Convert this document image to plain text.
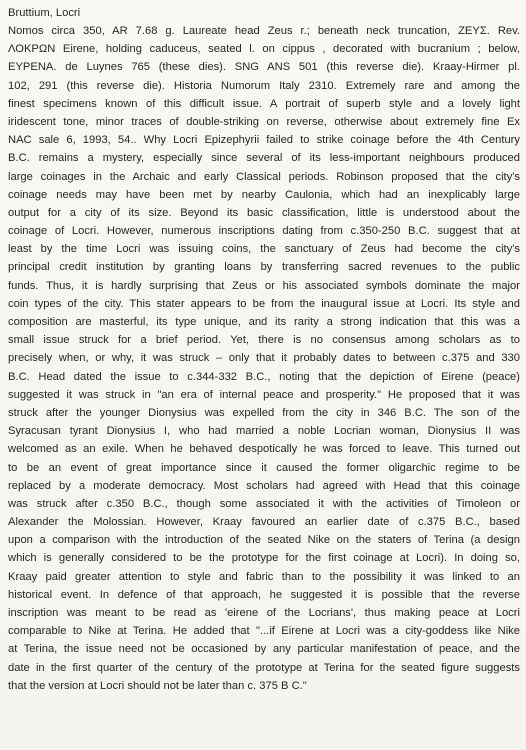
Bruttium, Locri
Nomos circa 350, AR 7.68 g. Laureate head Zeus r.; beneath neck truncation, ΖΕΥΣ. Rev.
ΛΟΚΡΩΝ Eirene, holding caduceus, seated l. on cippus , decorated with bucranium ; below,
ΕΥΡΕΝΑ. de Luynes 765 (these dies). SNG ANS 501 (this reverse die). Kraay-Hirmer pl.
102, 291 (this reverse die). Historia Numorum Italy 2310. Extremely rare and among the
finest specimens known of this difficult issue. A portrait of superb style and a lovely light
iridescent tone, minor traces of double-striking on reverse, otherwise about extremely fine Ex
NAC sale 6, 1993, 54.. Why Locri Epizephyrii failed to strike coinage before the 4th Century
B.C. remains a mystery, especially since several of its less-important neighbours produced
large coinages in the Archaic and early Classical periods. Robinson proposed that the city's
coinage needs may have been met by nearby Caulonia, which had an inexplicably large
output for a city of its size. Beyond its basic classification, little is understood about the
coinage of Locri. However, numerous inscriptions dating from c.350-250 B.C. suggest that at
least by the time Locri was issuing coins, the sanctuary of Zeus had become the city's
principal credit institution by granting loans by transferring sacred revenues to the public
funds. Thus, it is hardly surprising that Zeus or his associated symbols dominate the major
coin types of the city. This stater appears to be from the inaugural issue at Locri. Its style and
composition are masterful, its type unique, and its rarity a strong indication that this was a
small issue struck for a brief period. Yet, there is no consensus among scholars as to
precisely when, or why, it was struck – only that it probably dates to between c.375 and 330
B.C. Head dated the issue to c.344-332 B.C., noting that the depiction of Eirene (peace)
suggested it was struck in "an era of internal peace and prosperity." He proposed that it was
struck after the younger Dionysius was expelled from the city in 346 B.C. The son of the
Syracusan tyrant Dionysius I, who had married a noble Locrian woman, Dionysius II was
welcomed as an exile. When he behaved despotically he was forced to leave. This turned out
to be an event of great importance since it caused the former oligarchic regime to be
replaced by a moderate democracy. Most scholars had agreed with Head that this coinage
was struck after c.350 B.C., though some associated it with the activities of Timoleon or
Alexander the Molossian. However, Kraay favoured an earlier date of c.375 B.C., based
upon a comparison with the introduction of the seated Nike on the staters of Terina (a design
which is generally considered to be the prototype for the first coinage at Locri). In doing so,
Kraay paid greater attention to style and fabric than to the possibility it was linked to an
historical event. In defence of that approach, he suggested it is possible that the reverse
inscription was meant to be read as 'eirene of the Locrians', thus making peace at Locri
comparable to Nike at Terina. He added that "...if Eirene at Locri was a city-goddess like Nike
at Terina, the issue need not be occasioned by any particular manifestation of peace, and the
date in the first quarter of the century of the prototype at Terina for the seated figure suggests
that the version at Locri should not be later than c. 375 B C."
